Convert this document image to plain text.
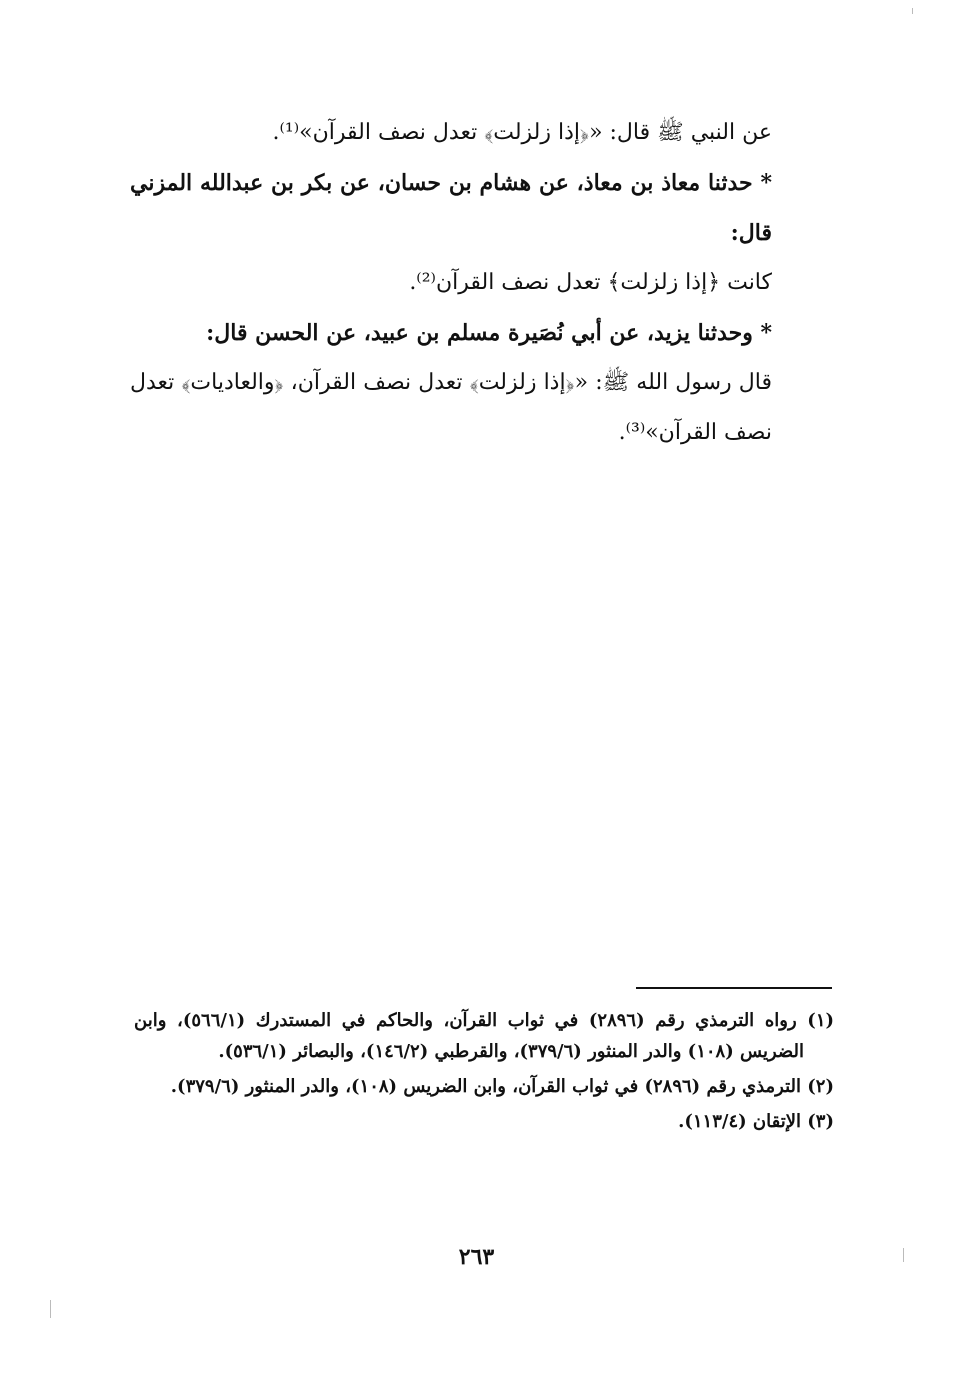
عن النبي ﷺ قال: «﴿إذا زلزلت﴾ تعدل نصف القرآن»⁽¹⁾.

* حدثنا معاذ بن معاذ، عن هشام بن حسان، عن بكر بن عبدالله المزني قال:

كانت ﴿إذا زلزلت﴾ تعدل نصف القرآن⁽²⁾.

* وحدثنا يزيد، عن أبي نُصَيرة مسلم بن عبيد، عن الحسن قال:

قال رسول الله ﷺ: «﴿إذا زلزلت﴾ تعدل نصف القرآن، ﴿والعاديات﴾ تعدل نصف القرآن»⁽³⁾.

(١) رواه الترمذي رقم (٢٨٩٦) في ثواب القرآن، والحاكم في المستدرك (٥٦٦/١)، وابن الضريس (١٠٨) والدر المنثور (٣٧٩/٦)، والقرطبي (١٤٦/٢)، والبصائر (٥٣٦/١).

(٢) الترمذي رقم (٢٨٩٦) في ثواب القرآن، وابن الضريس (١٠٨)، والدر المنثور (٣٧٩/٦).

(٣) الإتقان (١١٣/٤).

٢٦٣
